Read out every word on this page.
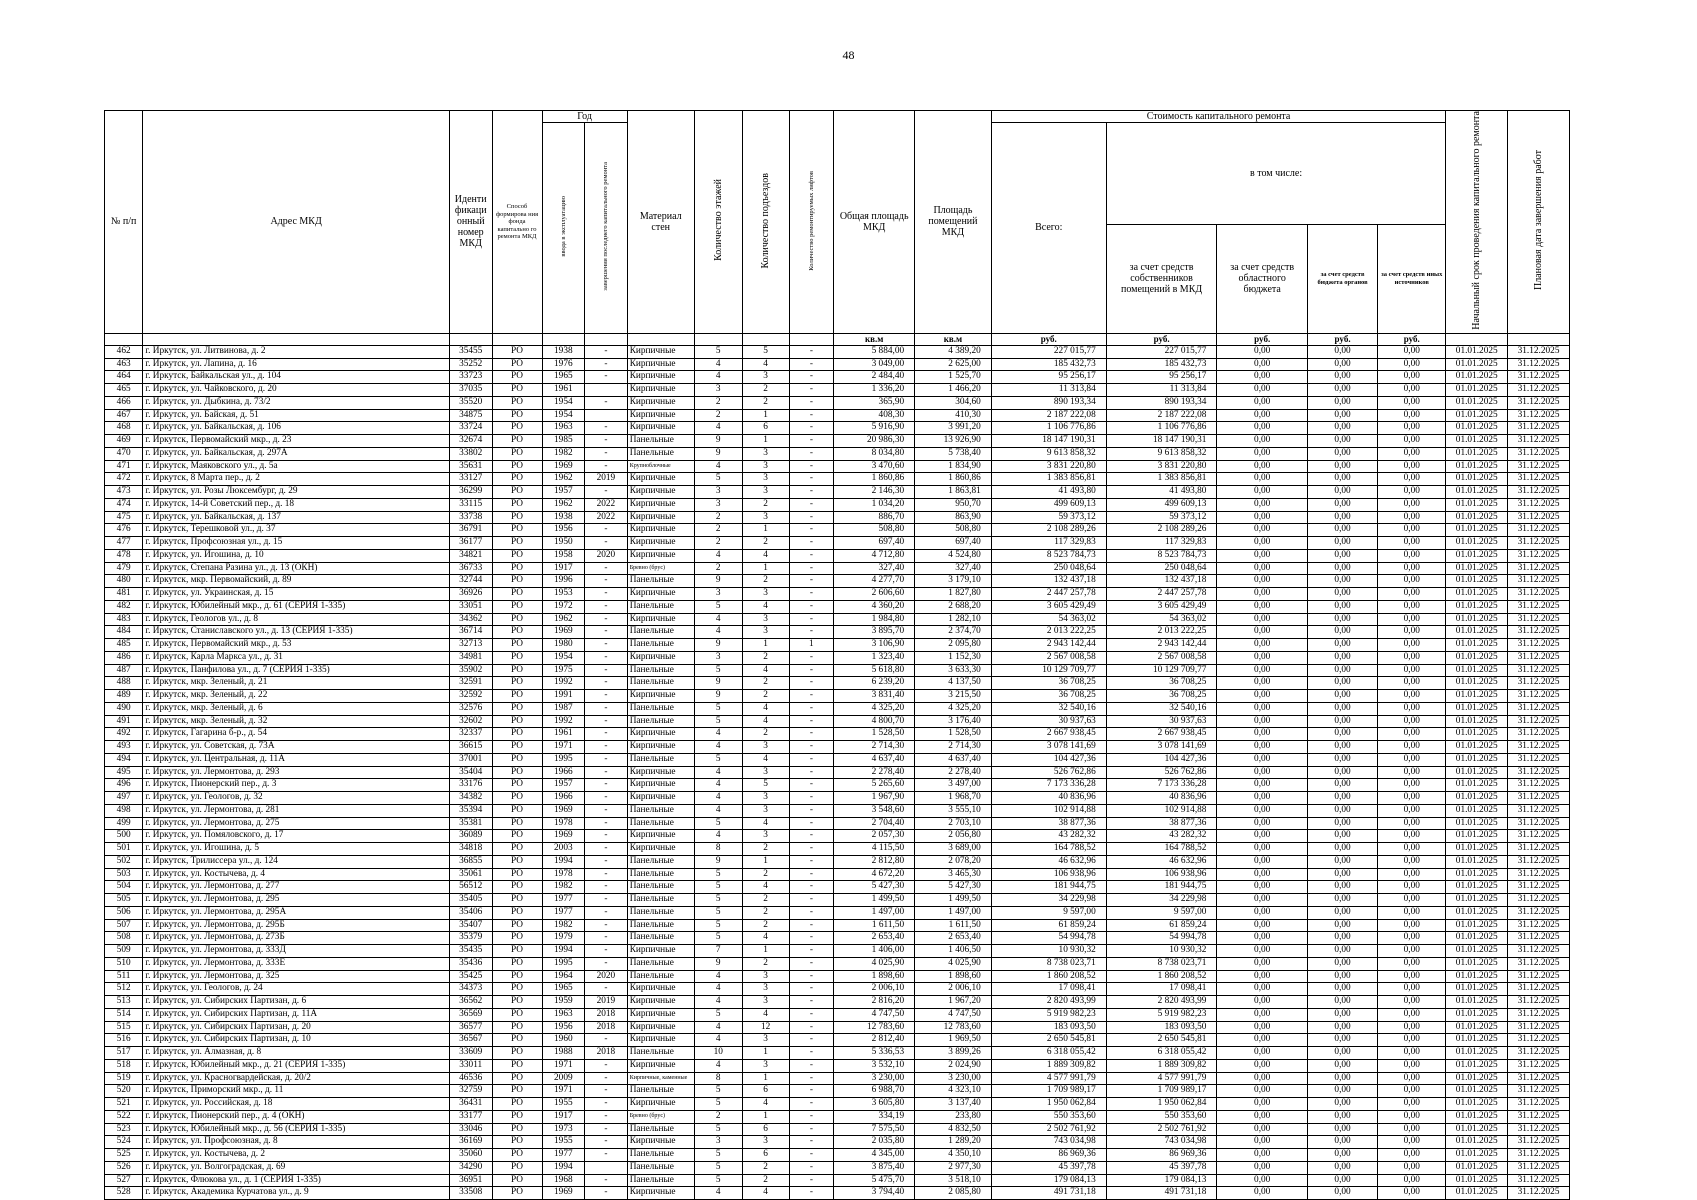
48
№ п/п	Адрес МКД	Иденти фикаци онный номер МКД	Способ формирова ния фонда капитально го ремонта МКД	Год		Материал стен	Количество этажей	Количество подъездов	Количество ремонтируемых лифтов	Общая площадь МКД	Площадь помещений МКД	Стоимость капитального ремонта					Начальный срок проведения капитального ремонта	Плановая дата завершения работ
				ввода в эксплуатацию	завершения последнего капитального ремонта							Всего:	в том числе:					
													за счет средств собственников помещений в МКД	за счет средств областного бюджета	за счет средств бюджета органов	за счет средств иных источников		
										кв.м	кв.м	руб.	руб.	руб.	руб.	руб.		
462	г. Иркутск, ул. Литвинова, д. 2	35455	РО	1938	-	Кирпичные	5	5	-	5 884,00	4 389,20	227 015,77	227 015,77	0,00	0,00	0,00	01.01.2025	31.12.2025
463	г. Иркутск, ул. Лапина, д. 16	35252	РО	1976	-	Кирпичные	4	4	-	3 049,00	2 625,00	185 432,73	185 432,73	0,00	0,00	0,00	01.01.2025	31.12.2025
464	г. Иркутск, Байкальская ул., д. 104	33723	РО	1965	-	Кирпичные	4	3	-	2 484,40	1 525,70	95 256,17	95 256,17	0,00	0,00	0,00	01.01.2025	31.12.2025
465	г. Иркутск, ул. Чайковского, д. 20	37035	РО	1961		Кирпичные	3	2	-	1 336,20	1 466,20	11 313,84	11 313,84	0,00	0,00	0,00	01.01.2025	31.12.2025
466	г. Иркутск, ул. Дыбкина, д. 73/2	35520	РО	1954	-	Кирпичные	2	2	-	365,90	304,60	890 193,34	890 193,34	0,00	0,00	0,00	01.01.2025	31.12.2025
467	г. Иркутск, ул. Байская, д. 51	34875	РО	1954		Кирпичные	2	1	-	408,30	410,30	2 187 222,08	2 187 222,08	0,00	0,00	0,00	01.01.2025	31.12.2025
468	г. Иркутск, ул. Байкальская, д. 106	33724	РО	1963	-	Кирпичные	4	6	-	5 916,90	3 991,20	1 106 776,86	1 106 776,86	0,00	0,00	0,00	01.01.2025	31.12.2025
469	г. Иркутск, Первомайский мкр., д. 23	32674	РО	1985	-	Панельные	9	1	-	20 986,30	13 926,90	18 147 190,31	18 147 190,31	0,00	0,00	0,00	01.01.2025	31.12.2025
470	г. Иркутск, ул. Байкальская, д. 297А	33802	РО	1982	-	Панельные	9	3	-	8 034,80	5 738,40	9 613 858,32	9 613 858,32	0,00	0,00	0,00	01.01.2025	31.12.2025
471	г. Иркутск, Маяковского ул., д. 5а	35631	РО	1969	-	Крупноблочные	4	3	-	3 470,60	1 834,90	3 831 220,80	3 831 220,80	0,00	0,00	0,00	01.01.2025	31.12.2025
472	г. Иркутск, 8 Марта пер., д. 2	33127	РО	1962	2019	Кирпичные	5	3	-	1 860,86	1 860,86	1 383 856,81	1 383 856,81	0,00	0,00	0,00	01.01.2025	31.12.2025
473	г. Иркутск, ул. Розы Люксембург, д. 29	36299	РО	1957	-	Кирпичные	3	3	-	2 146,30	1 863,81	41 493,80	41 493,80	0,00	0,00	0,00	01.01.2025	31.12.2025
474	г. Иркутск, 14-й Советский пер., д. 18	33115	РО	1962	2022	Кирпичные	3	2	-	1 034,20	950,70	499 609,13	499 609,13	0,00	0,00	0,00	01.01.2025	31.12.2025
475	г. Иркутск, ул. Байкальская, д. 137	33738	РО	1938	2022	Кирпичные	2	3	-	886,70	863,90	59 373,12	59 373,12	0,00	0,00	0,00	01.01.2025	31.12.2025
476	г. Иркутск, Терешковой ул., д. 37	36791	РО	1956	-	Кирпичные	2	1	-	508,80	508,80	2 108 289,26	2 108 289,26	0,00	0,00	0,00	01.01.2025	31.12.2025
477	г. Иркутск, Профсоюзная ул., д. 15	36177	РО	1950	-	Кирпичные	2	2	-	697,40	697,40	117 329,83	117 329,83	0,00	0,00	0,00	01.01.2025	31.12.2025
478	г. Иркутск, ул. Игошина, д. 10	34821	РО	1958	2020	Кирпичные	4	4	-	4 712,80	4 524,80	8 523 784,73	8 523 784,73	0,00	0,00	0,00	01.01.2025	31.12.2025
479	г. Иркутск, Степана Разина ул., д. 13 (ОКН)	36733	РО	1917	-	Бревно (брус)	2	1	-	327,40	327,40	250 048,64	250 048,64	0,00	0,00	0,00	01.01.2025	31.12.2025
480	г. Иркутск, мкр. Первомайский, д. 89	32744	РО	1996	-	Панельные	9	2	-	4 277,70	3 179,10	132 437,18	132 437,18	0,00	0,00	0,00	01.01.2025	31.12.2025
481	г. Иркутск, ул. Украинская, д. 15	36926	РО	1953	-	Кирпичные	3	3	-	2 606,60	1 827,80	2 447 257,78	2 447 257,78	0,00	0,00	0,00	01.01.2025	31.12.2025
482	г. Иркутск, Юбилейный мкр., д. 61 (СЕРИЯ 1-335)	33051	РО	1972	-	Панельные	5	4	-	4 360,20	2 688,20	3 605 429,49	3 605 429,49	0,00	0,00	0,00	01.01.2025	31.12.2025
483	г. Иркутск, Геологов ул., д. 8	34362	РО	1962	-	Кирпичные	4	3	-	1 984,80	1 282,10	54 363,02	54 363,02	0,00	0,00	0,00	01.01.2025	31.12.2025
484	г. Иркутск, Станиславского ул., д. 13 (СЕРИЯ 1-335)	36714	РО	1969	-	Панельные	4	3	-	3 895,70	2 374,70	2 013 222,25	2 013 222,25	0,00	0,00	0,00	01.01.2025	31.12.2025
485	г. Иркутск, Первомайский мкр., д. 53	32713	РО	1980	-	Панельные	9	1	1	3 106,90	2 095,80	2 943 142,44	2 943 142,44	0,00	0,00	0,00	01.01.2025	31.12.2025
486	г. Иркутск, Карла Маркса ул., д. 31	34981	РО	1954	-	Кирпичные	3	2	-	1 323,40	1 152,30	2 567 008,58	2 567 008,58	0,00	0,00	0,00	01.01.2025	31.12.2025
487	г. Иркутск, Панфилова ул., д. 7 (СЕРИЯ 1-335)	35902	РО	1975	-	Панельные	5	4	-	5 618,80	3 633,30	10 129 709,77	10 129 709,77	0,00	0,00	0,00	01.01.2025	31.12.2025
488	г. Иркутск, мкр. Зеленый, д. 21	32591	РО	1992	-	Панельные	9	2	-	6 239,20	4 137,50	36 708,25	36 708,25	0,00	0,00	0,00	01.01.2025	31.12.2025
489	г. Иркутск, мкр. Зеленый, д. 22	32592	РО	1991	-	Кирпичные	9	2	-	3 831,40	3 215,50	36 708,25	36 708,25	0,00	0,00	0,00	01.01.2025	31.12.2025
490	г. Иркутск, мкр. Зеленый, д. 6	32576	РО	1987	-	Панельные	5	4	-	4 325,20	4 325,20	32 540,16	32 540,16	0,00	0,00	0,00	01.01.2025	31.12.2025
491	г. Иркутск, мкр. Зеленый, д. 32	32602	РО	1992	-	Панельные	5	4	-	4 800,70	3 176,40	30 937,63	30 937,63	0,00	0,00	0,00	01.01.2025	31.12.2025
492	г. Иркутск, Гагарина б-р., д. 54	32337	РО	1961	-	Кирпичные	4	2	-	1 528,50	1 528,50	2 667 938,45	2 667 938,45	0,00	0,00	0,00	01.01.2025	31.12.2025
493	г. Иркутск, ул. Советская, д. 73А	36615	РО	1971	-	Кирпичные	4	3	-	2 714,30	2 714,30	3 078 141,69	3 078 141,69	0,00	0,00	0,00	01.01.2025	31.12.2025
494	г. Иркутск, ул. Центральная, д. 11А	37001	РО	1995	-	Панельные	5	4	-	4 637,40	4 637,40	104 427,36	104 427,36	0,00	0,00	0,00	01.01.2025	31.12.2025
495	г. Иркутск, ул. Лермонтова, д. 293	35404	РО	1966	-	Кирпичные	4	3	-	2 278,40	2 278,40	526 762,86	526 762,86	0,00	0,00	0,00	01.01.2025	31.12.2025
496	г. Иркутск, Пионерский пер., д. 3	33176	РО	1957	-	Кирпичные	4	5	-	5 265,60	3 497,00	7 173 336,28	7 173 336,28	0,00	0,00	0,00	01.01.2025	31.12.2025
497	г. Иркутск, ул. Геологов, д. 32	34382	РО	1966	-	Кирпичные	4	3	-	1 967,90	1 968,70	40 836,96	40 836,96	0,00	0,00	0,00	01.01.2025	31.12.2025
498	г. Иркутск, ул. Лермонтова, д. 281	35394	РО	1969	-	Панельные	4	3	-	3 548,60	3 555,10	102 914,88	102 914,88	0,00	0,00	0,00	01.01.2025	31.12.2025
499	г. Иркутск, ул. Лермонтова, д. 275	35381	РО	1978	-	Панельные	5	4	-	2 704,40	2 703,10	38 877,36	38 877,36	0,00	0,00	0,00	01.01.2025	31.12.2025
500	г. Иркутск, ул. Помяловского, д. 17	36089	РО	1969	-	Кирпичные	4	3	-	2 057,30	2 056,80	43 282,32	43 282,32	0,00	0,00	0,00	01.01.2025	31.12.2025
501	г. Иркутск, ул. Игошина, д. 5	34818	РО	2003	-	Кирпичные	8	2	-	4 115,50	3 689,00	164 788,52	164 788,52	0,00	0,00	0,00	01.01.2025	31.12.2025
502	г. Иркутск, Трилиссера ул., д. 124	36855	РО	1994	-	Панельные	9	1	-	2 812,80	2 078,20	46 632,96	46 632,96	0,00	0,00	0,00	01.01.2025	31.12.2025
503	г. Иркутск, ул. Костычева, д. 4	35061	РО	1978	-	Панельные	5	2	-	4 672,20	3 465,30	106 938,96	106 938,96	0,00	0,00	0,00	01.01.2025	31.12.2025
504	г. Иркутск, ул. Лермонтова, д. 277	56512	РО	1982	-	Панельные	5	4	-	5 427,30	5 427,30	181 944,75	181 944,75	0,00	0,00	0,00	01.01.2025	31.12.2025
505	г. Иркутск, ул. Лермонтова, д. 295	35405	РО	1977	-	Панельные	5	2	-	1 499,50	1 499,50	34 229,98	34 229,98	0,00	0,00	0,00	01.01.2025	31.12.2025
506	г. Иркутск, ул. Лермонтова, д. 295А	35406	РО	1977	-	Панельные	5	2	-	1 497,00	1 497,00	9 597,00	9 597,00	0,00	0,00	0,00	01.01.2025	31.12.2025
507	г. Иркутск, ул. Лермонтова, д. 295Б	35407	РО	1982	-	Панельные	5	2	-	1 611,50	1 611,50	61 859,24	61 859,24	0,00	0,00	0,00	01.01.2025	31.12.2025
508	г. Иркутск, ул. Лермонтова, д. 273Б	35379	РО	1979	-	Панельные	5	4	-	2 653,40	2 653,40	54 994,78	54 994,78	0,00	0,00	0,00	01.01.2025	31.12.2025
509	г. Иркутск, ул. Лермонтова, д. 333Д	35435	РО	1994	-	Кирпичные	7	1	-	1 406,00	1 406,50	10 930,32	10 930,32	0,00	0,00	0,00	01.01.2025	31.12.2025
510	г. Иркутск, ул. Лермонтова, д. 333Е	35436	РО	1995	-	Панельные	9	2	-	4 025,90	4 025,90	8 738 023,71	8 738 023,71	0,00	0,00	0,00	01.01.2025	31.12.2025
511	г. Иркутск, ул. Лермонтова, д. 325	35425	РО	1964	2020	Панельные	4	3	-	1 898,60	1 898,60	1 860 208,52	1 860 208,52	0,00	0,00	0,00	01.01.2025	31.12.2025
512	г. Иркутск, ул. Геологов, д. 24	34373	РО	1965	-	Кирпичные	4	3	-	2 006,10	2 006,10	17 098,41	17 098,41	0,00	0,00	0,00	01.01.2025	31.12.2025
513	г. Иркутск, ул. Сибирских Партизан, д. 6	36562	РО	1959	2019	Кирпичные	4	3	-	2 816,20	1 967,20	2 820 493,99	2 820 493,99	0,00	0,00	0,00	01.01.2025	31.12.2025
514	г. Иркутск, ул. Сибирских Партизан, д. 11А	36569	РО	1963	2018	Кирпичные	5	4	-	4 747,50	4 747,50	5 919 982,23	5 919 982,23	0,00	0,00	0,00	01.01.2025	31.12.2025
515	г. Иркутск, ул. Сибирских Партизан, д. 20	36577	РО	1956	2018	Кирпичные	4	12	-	12 783,60	12 783,60	183 093,50	183 093,50	0,00	0,00	0,00	01.01.2025	31.12.2025
516	г. Иркутск, ул. Сибирских Партизан, д. 10	36567	РО	1960	-	Кирпичные	4	3	-	2 812,40	1 969,50	2 650 545,81	2 650 545,81	0,00	0,00	0,00	01.01.2025	31.12.2025
517	г. Иркутск, ул. Алмазная, д. 8	33609	РО	1988	2018	Панельные	10	1	-	5 336,53	3 899,26	6 318 055,42	6 318 055,42	0,00	0,00	0,00	01.01.2025	31.12.2025
518	г. Иркутск, Юбилейный мкр., д. 21 (СЕРИЯ 1-335)	33011	РО	1971	-	Кирпичные	4	3	-	3 532,10	2 024,90	1 889 309,82	1 889 309,82	0,00	0,00	0,00	01.01.2025	31.12.2025
519	г. Иркутск, ул. Красногвардейская, д. 20/2	46536	РО	2009	-	Кирпичные, каменные	8	1	-	3 230,00	3 230,00	4 577 991,79	4 577 991,79	0,00	0,00	0,00	01.01.2025	31.12.2025
520	г. Иркутск, Приморский мкр., д. 11	32759	РО	1971	-	Панельные	5	6	-	6 988,70	4 323,10	1 709 989,17	1 709 989,17	0,00	0,00	0,00	01.01.2025	31.12.2025
521	г. Иркутск, ул. Российская, д. 18	36431	РО	1955	-	Кирпичные	5	4	-	3 605,80	3 137,40	1 950 062,84	1 950 062,84	0,00	0,00	0,00	01.01.2025	31.12.2025
522	г. Иркутск, Пионерский пер., д. 4 (ОКН)	33177	РО	1917	-	Бревно (брус)	2	1	-	334,19	233,80	550 353,60	550 353,60	0,00	0,00	0,00	01.01.2025	31.12.2025
523	г. Иркутск, Юбилейный мкр., д. 56 (СЕРИЯ 1-335)	33046	РО	1973	-	Панельные	5	6	-	7 575,50	4 832,50	2 502 761,92	2 502 761,92	0,00	0,00	0,00	01.01.2025	31.12.2025
524	г. Иркутск, ул. Профсоюзная, д. 8	36169	РО	1955	-	Кирпичные	3	3	-	2 035,80	1 289,20	743 034,98	743 034,98	0,00	0,00	0,00	01.01.2025	31.12.2025
525	г. Иркутск, ул. Костычева, д. 2	35060	РО	1977	-	Панельные	5	6	-	4 345,00	4 350,10	86 969,36	86 969,36	0,00	0,00	0,00	01.01.2025	31.12.2025
526	г. Иркутск, ул. Волгоградская, д. 69	34290	РО	1994		Панельные	5	2	-	3 875,40	2 977,30	45 397,78	45 397,78	0,00	0,00	0,00	01.01.2025	31.12.2025
527	г. Иркутск, Флюкова ул., д. 1 (СЕРИЯ 1-335)	36951	РО	1968	-	Панельные	5	2	-	5 475,70	3 518,10	179 084,13	179 084,13	0,00	0,00	0,00	01.01.2025	31.12.2025
528	г. Иркутск, Академика Курчатова ул., д. 9	33508	РО	1969	-	Кирпичные	4	4	-	3 794,40	2 085,80	491 731,18	491 731,18	0,00	0,00	0,00	01.01.2025	31.12.2025
